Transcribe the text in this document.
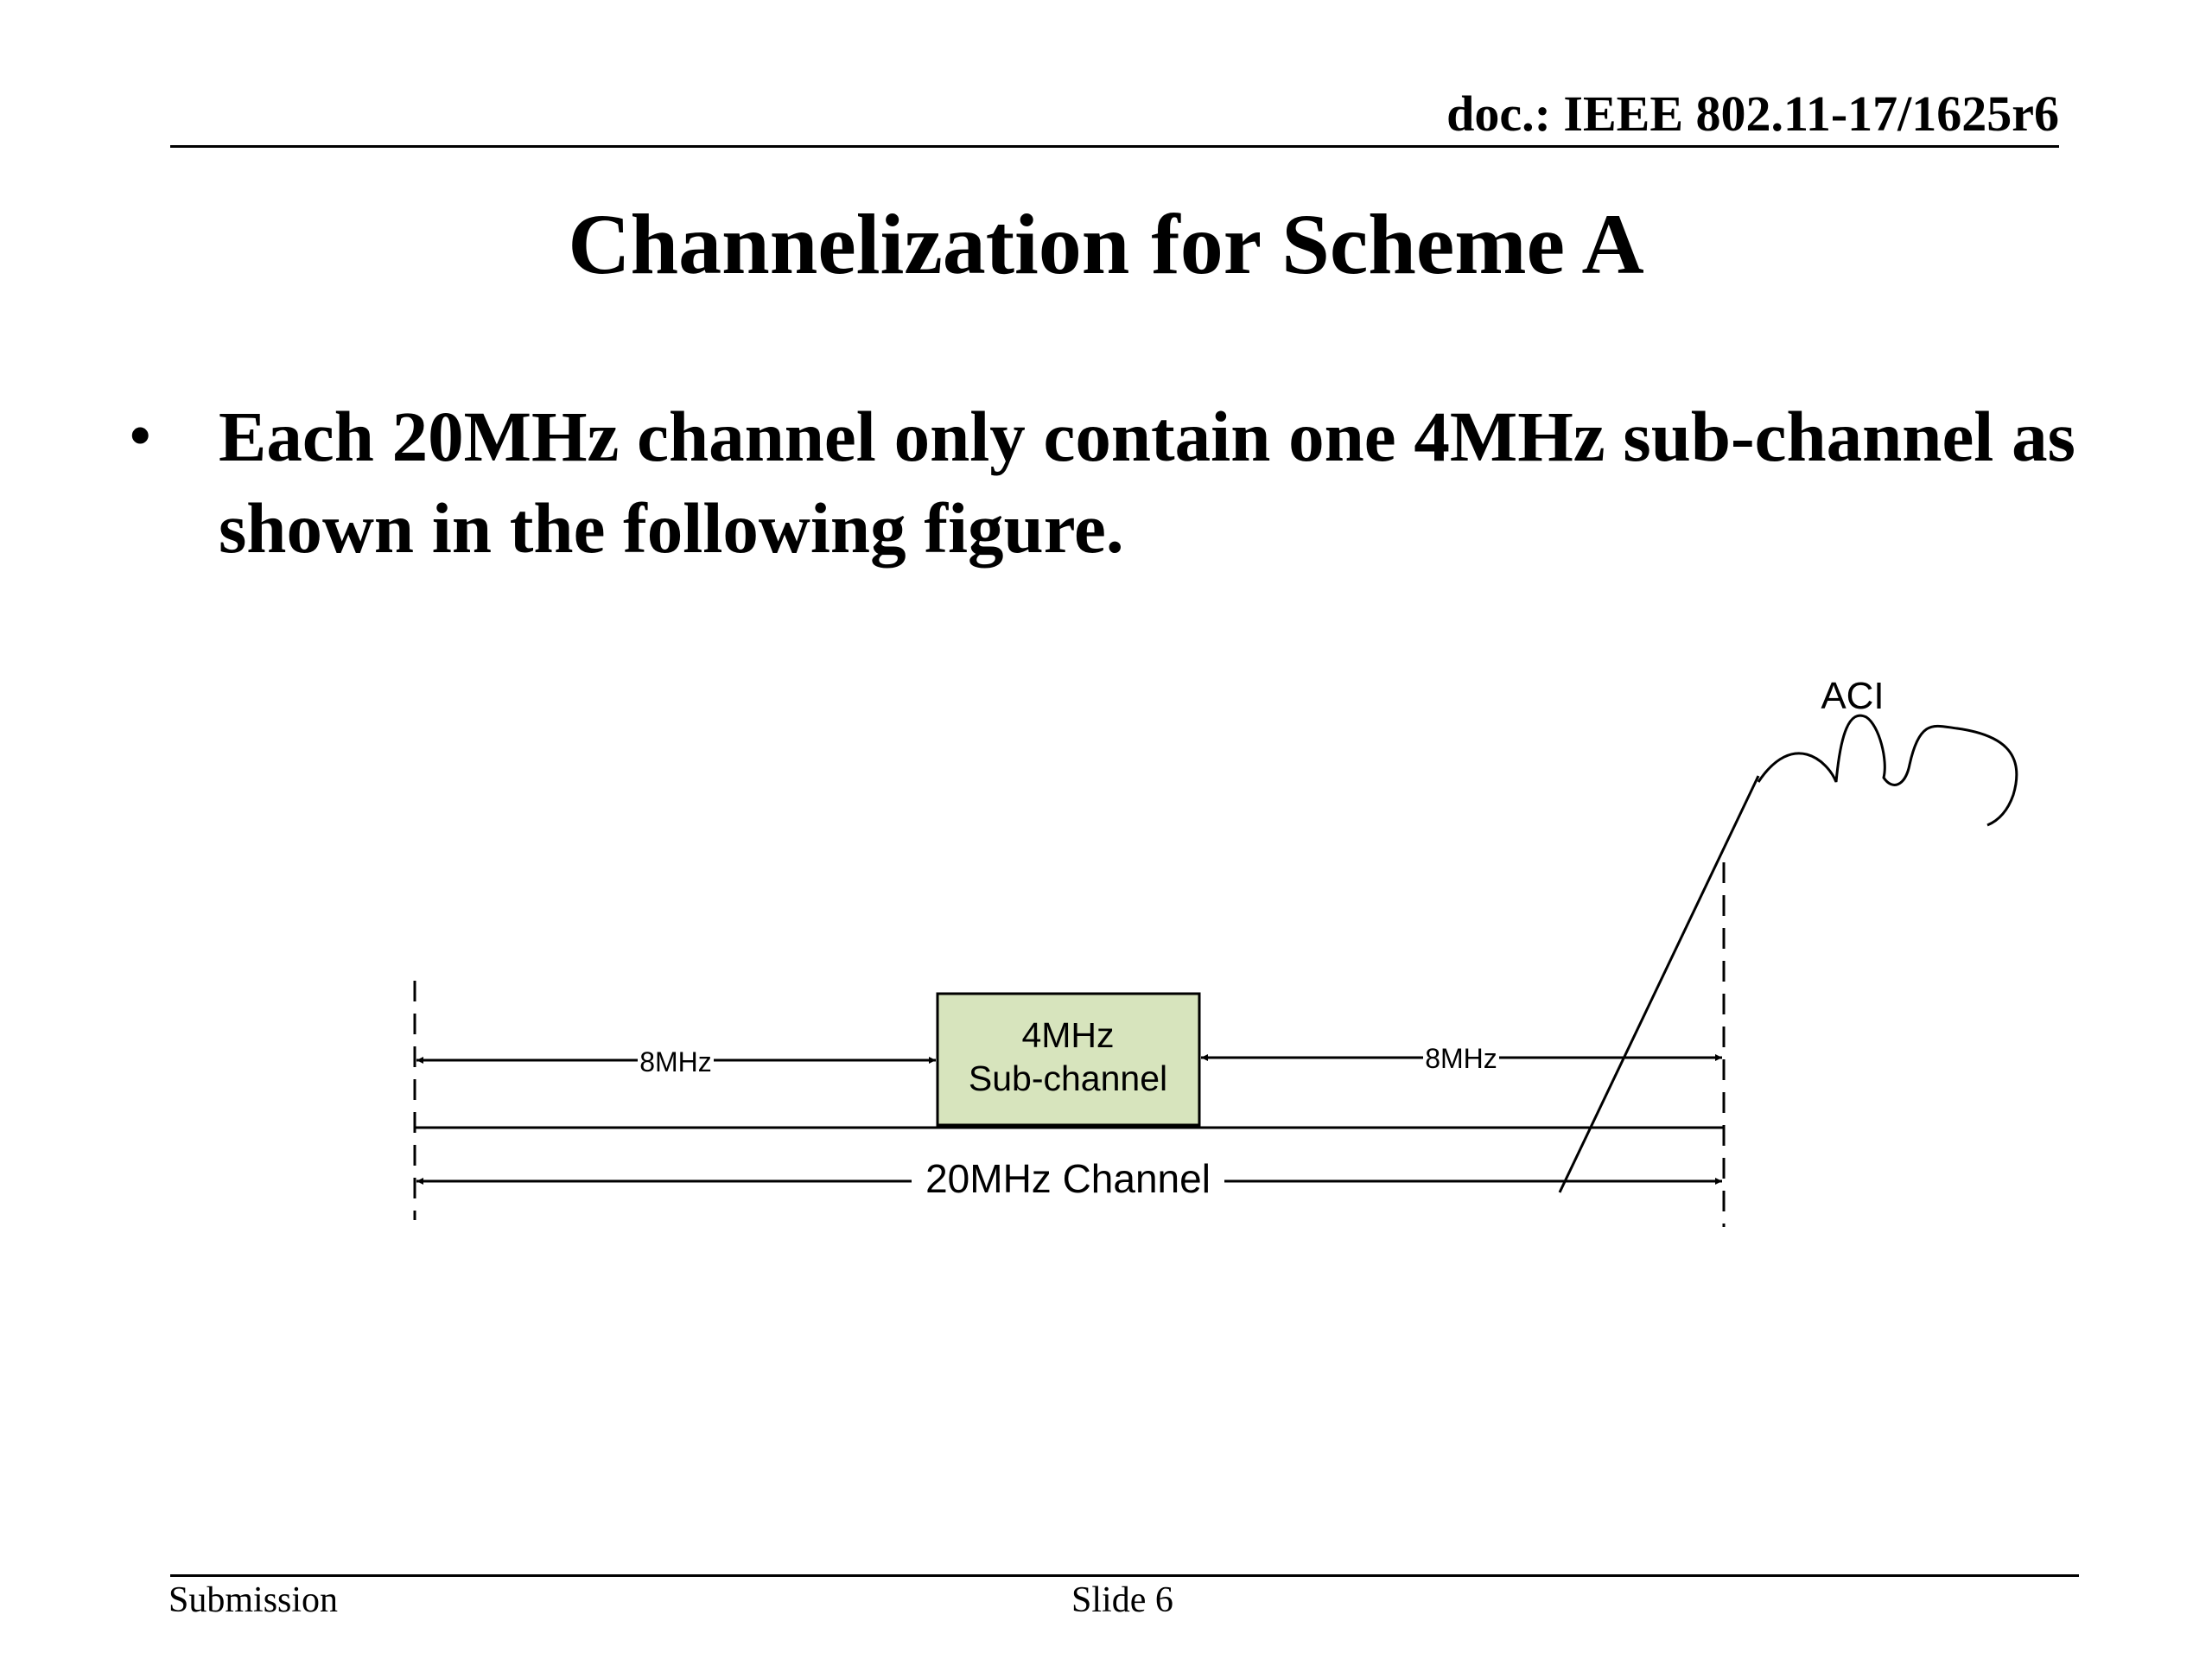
doc.: IEEE 802.11-17/1625r6
Channelization for Scheme A
• Each 20MHz channel only contain one 4MHz sub-channel as shown in the following figure.
4MHz
Sub-channel
8MHz	8MHz
20MHz Channel
ACI
Submission	Slide 6
